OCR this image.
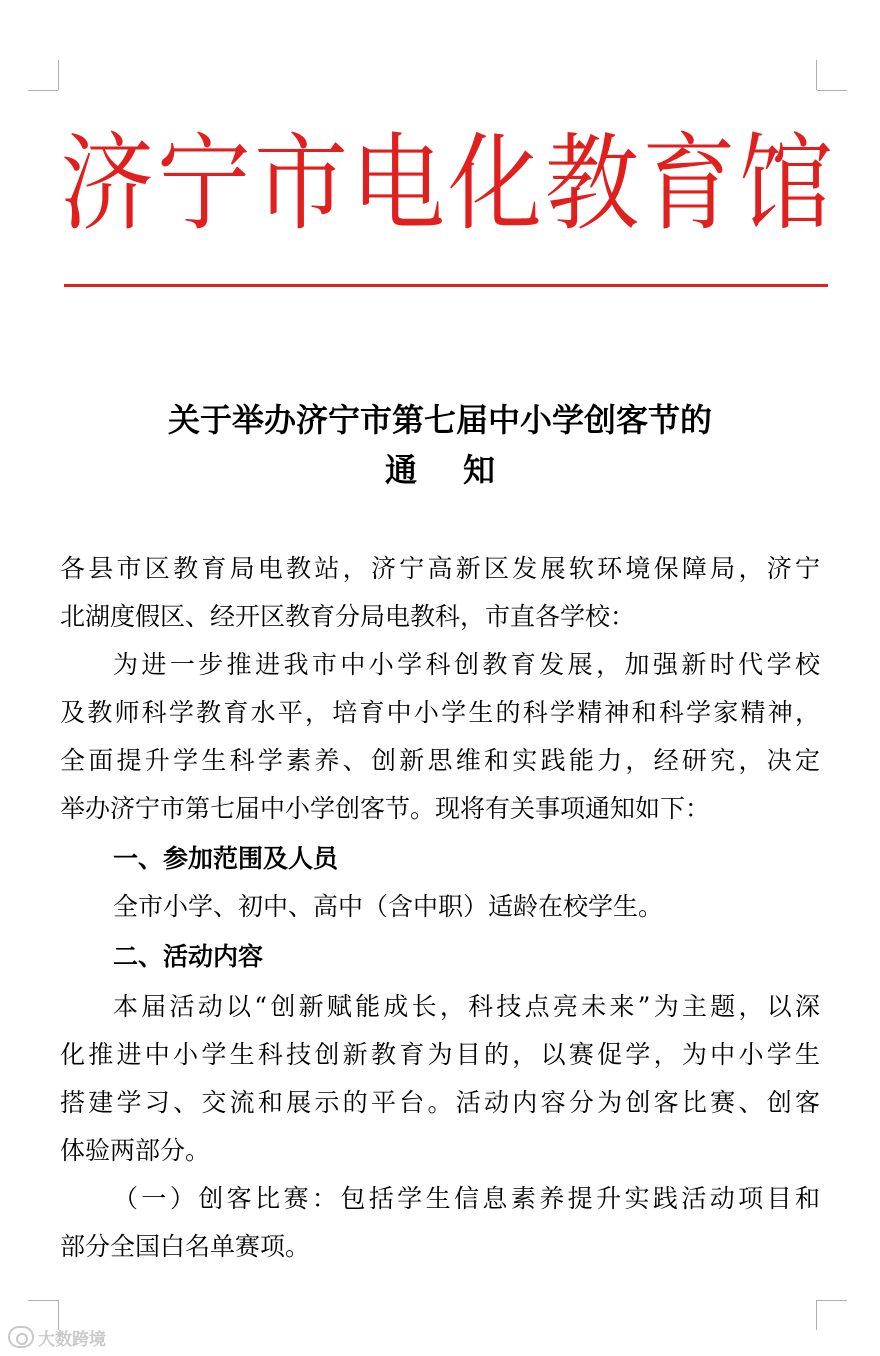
济宁市电化教育馆
关于举办济宁市第七届中小学创客节的
通 知
各县市区教育局电教站，济宁高新区发展软环境保障局，济宁
北湖度假区、经开区教育分局电教科，市直各学校：
为进一步推进我市中小学科创教育发展，加强新时代学校
及教师科学教育水平，培育中小学生的科学精神和科学家精神，
全面提升学生科学素养、创新思维和实践能力，经研究，决定
举办济宁市第七届中小学创客节。现将有关事项通知如下：
一、参加范围及人员
全市小学、初中、高中（含中职）适龄在校学生。
二、活动内容
本届活动以“创新赋能成长，科技点亮未来”为主题，以深
化推进中小学生科技创新教育为目的，以赛促学，为中小学生
搭建学习、交流和展示的平台。活动内容分为创客比赛、创客
体验两部分。
（一）创客比赛：包括学生信息素养提升实践活动项目和
部分全国白名单赛项。
大数跨境
